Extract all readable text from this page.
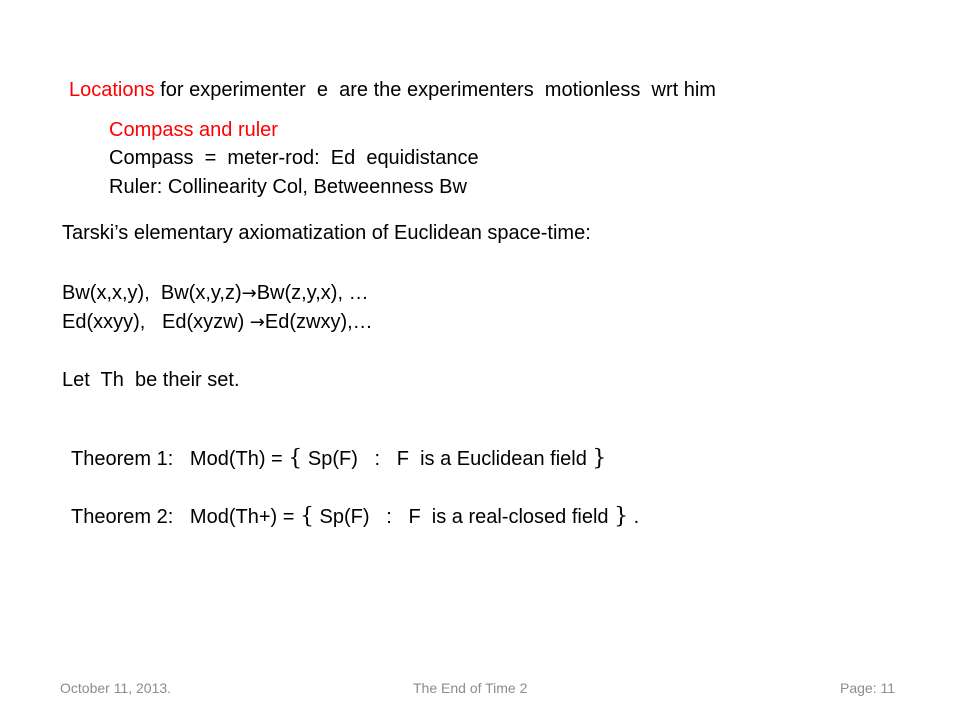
Locations for experimenter  e  are the experimenters  motionless  wrt him
Compass and ruler
Compass  =  meter-rod:  Ed  equidistance
Ruler: Collinearity Col, Betweenness Bw
Tarski’s elementary axiomatization of Euclidean space-time:
Bw(x,x,y),  Bw(x,y,z)→Bw(z,y,x), …
Ed(xxyy),   Ed(xyzw) →Ed(zwxy),…
Let  Th  be their set.
Theorem 1:   Mod(Th) = { Sp(F)   :   F  is a Euclidean field }
Theorem 2:   Mod(Th+) = { Sp(F)   :   F  is a real-closed field } .
October 11, 2013.	The End of Time 2	Page: 11
